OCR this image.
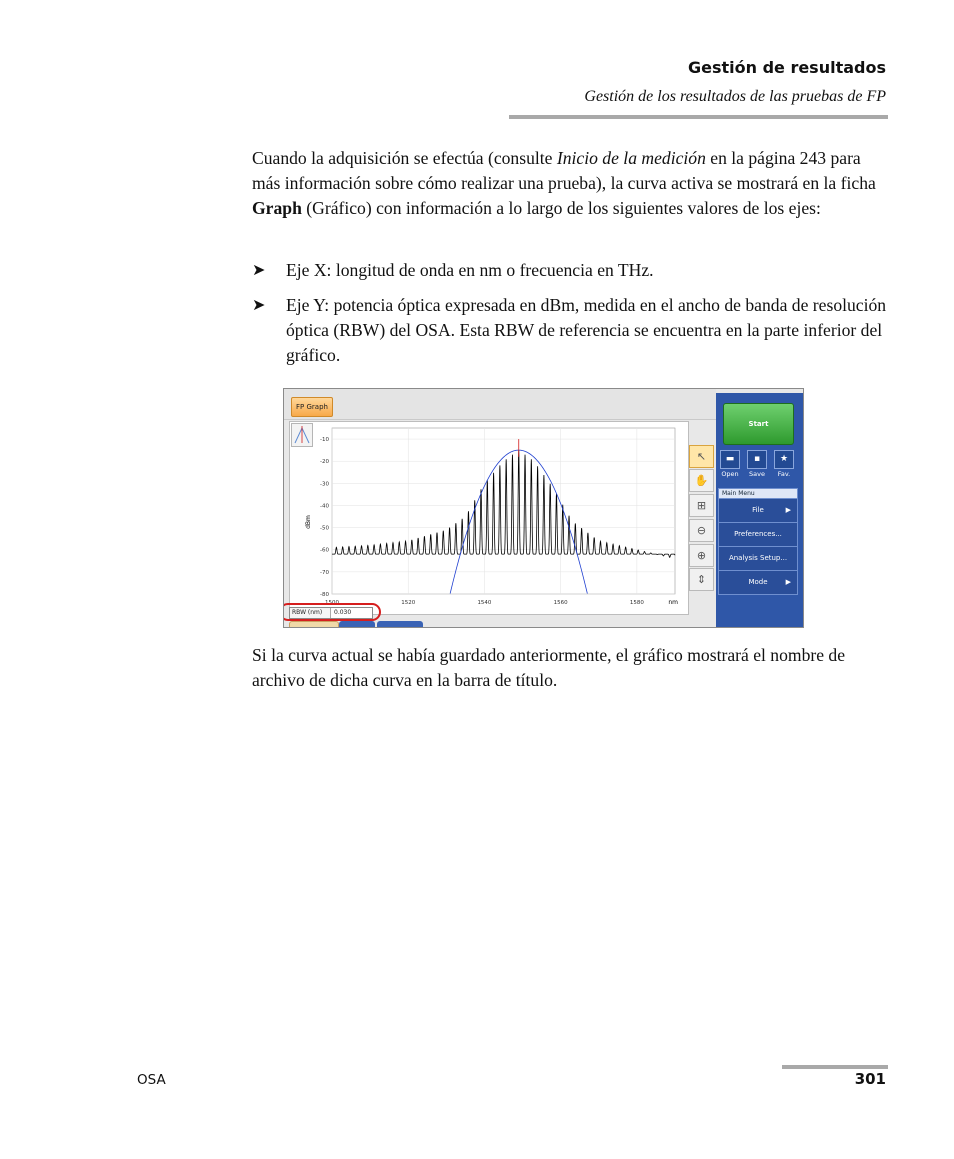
Gestión de resultados
Gestión de los resultados de las pruebas de FP

Cuando la adquisición se efectúa (consulte Inicio de la medición en la página 243 para más información sobre cómo realizar una prueba), la curva activa se mostrará en la ficha Graph (Gráfico) con información a lo largo de los siguientes valores de los ejes:

➤ Eje X: longitud de onda en nm o frecuencia en THz.
➤ Eje Y: potencia óptica expresada en dBm, medida en el ancho de banda de resolución óptica (RBW) del OSA. Esta RBW de referencia se encuentra en la parte inferior del gráfico.
FP Graph
-10
-20
-30
-40
-50
-60
-70
-80
1500	1520	1540	1560	1580
dBm
nm
↖
✋
⊞
⊖
⊕
⇕
RBW (nm)	0.030
Start
▬
Open
▪
Save
★
Fav.
Main Menu
File	▶
Preferences...
Analysis Setup...
Mode	▶

Si la curva actual se había guardado anteriormente, el gráfico mostrará el nombre de archivo de dicha curva en la barra de título.

OSA	301
